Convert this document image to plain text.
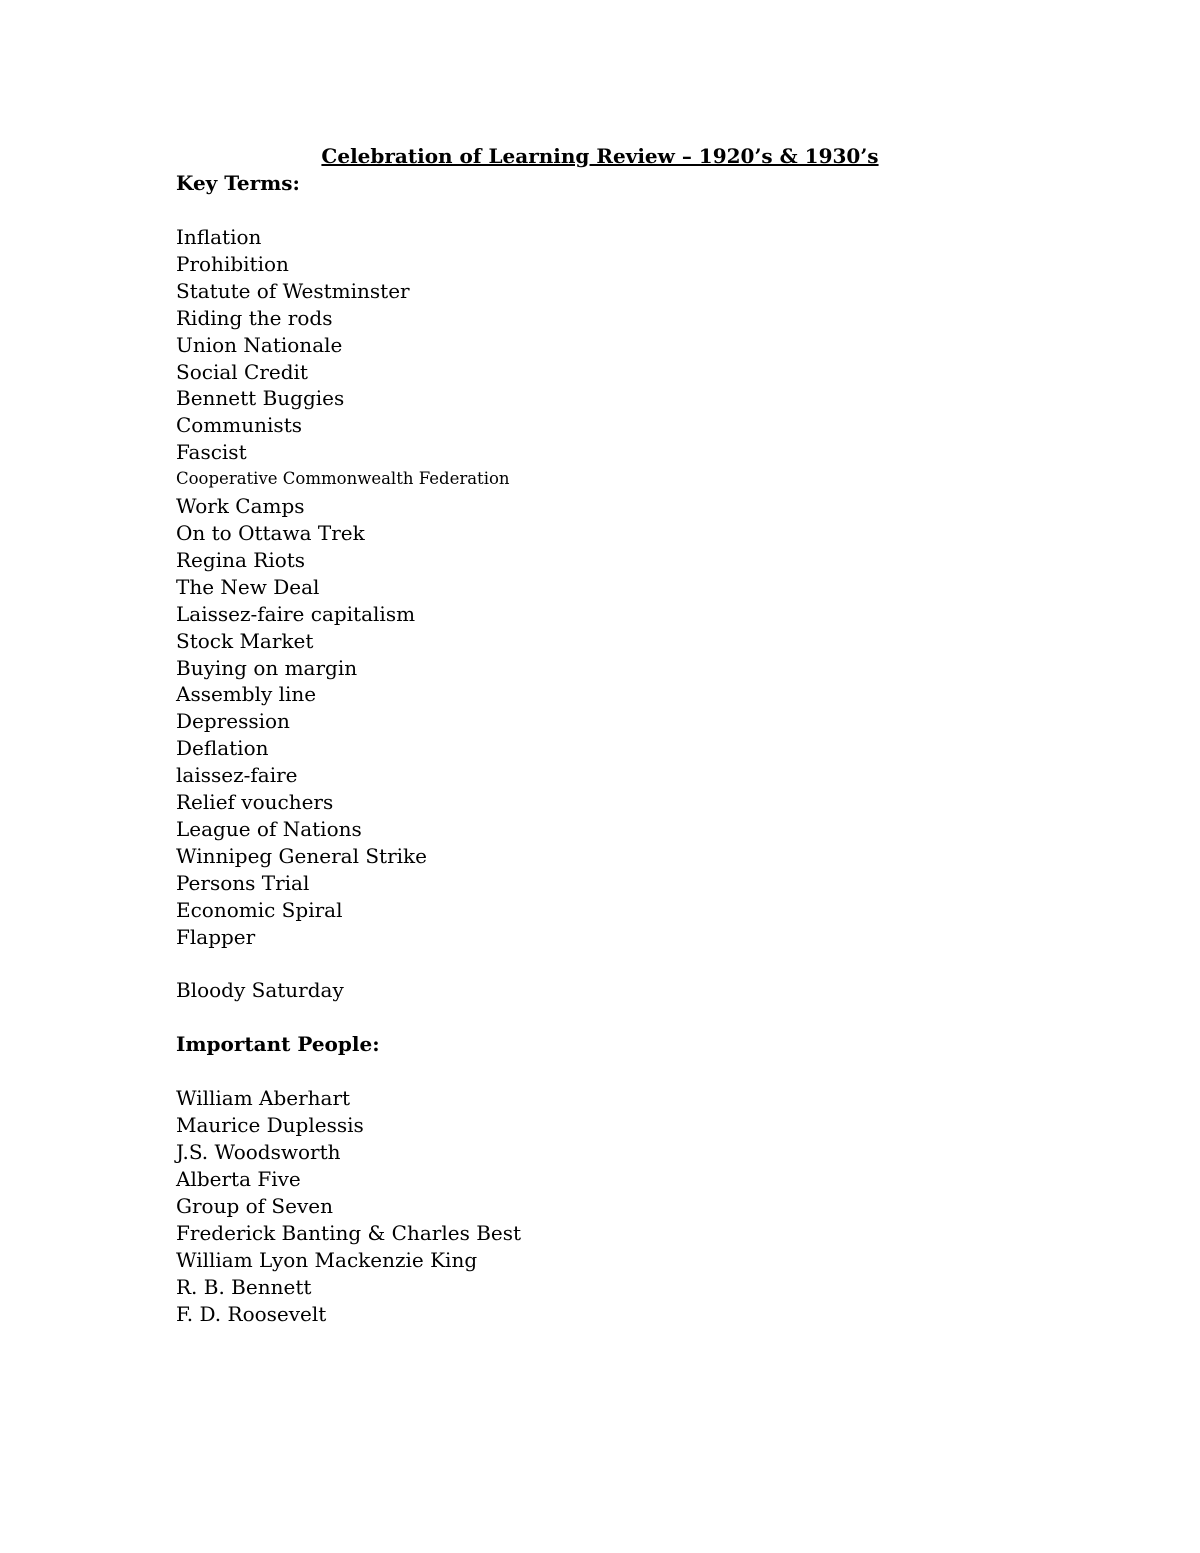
Celebration of Learning Review – 1920’s & 1930’s
Key Terms:
Inflation
Prohibition
Statute of Westminster
Riding the rods
Union Nationale
Social Credit
Bennett Buggies
Communists
Fascist
Cooperative Commonwealth Federation
Work Camps
On to Ottawa Trek
Regina Riots
The New Deal
Laissez-faire capitalism
Stock Market
Buying on margin
Assembly line
Depression
Deflation
laissez-faire
Relief vouchers
League of Nations
Winnipeg General Strike
Persons Trial
Economic Spiral
Flapper
Bloody Saturday
Important People:
William Aberhart
Maurice Duplessis
J.S. Woodsworth
Alberta Five
Group of Seven
Frederick Banting & Charles Best
William Lyon Mackenzie King
R. B. Bennett
F. D. Roosevelt
